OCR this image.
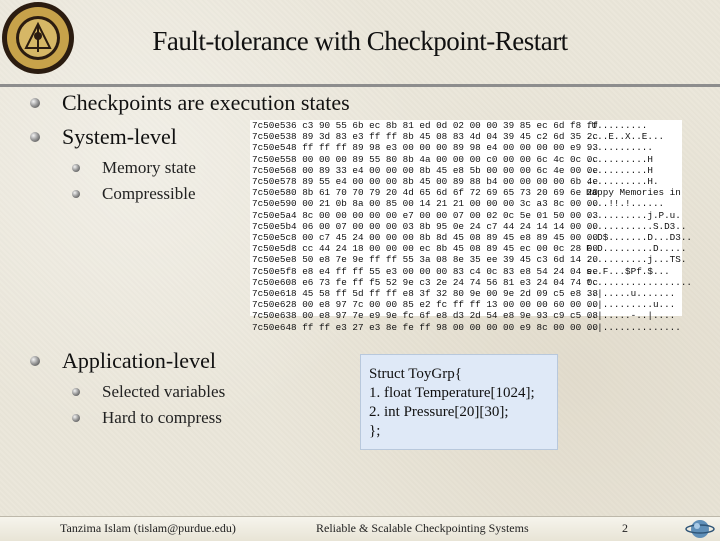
Fault-tolerance with Checkpoint-Restart
Checkpoints are execution states
System-level
Memory state
Compressible
7c50e536 c3 90 55 6b ec 8b 81 ed 0d 02 00 00 39 85 ec 6d f8 ff
7c50e538 89 3d 83 e3 ff ff 8b 45 08 83 4d 04 39 45 c2 6d 35 2c
7c50e548 ff ff ff 89 98 e3 00 00 00 89 98 e4 00 00 00 00 e9 93
7c50e558 00 00 00 89 55 80 8b 4a 00 00 00 c0 00 00 6c 4c 0c 0c
7c50e568 00 89 33 e4 00 00 00 8b 45 e8 5b 00 00 00 6c 4e 00 0e
7c50e578 89 55 e4 00 00 00 8b 45 00 89 88 b4 00 00 00 00 6b 4e
7c50e580 8b 61 70 70 79 20 4d 65 6d 6f 72 69 65 73 20 69 6e 20
7c50e590 00 21 0b 8a 00 85 00 14 21 21 00 00 00 3c a3 8c 00 00
7c50e5a4 8c 00 00 00 00 00 e7 00 00 07 00 02 0c 5e 01 50 00 03
7c50e5b4 06 00 07 00 00 00 03 8b 95 0e 24 c7 44 24 14 14 00 00
7c50e5c8 00 c7 45 24 00 00 00 8b 8d 45 08 89 45 e8 89 45 00 00
7c50e5d8 cc 44 24 18 00 00 00 ec 8b 45 08 89 45 ec 00 0c 28 00
7c50e5e8 50 e8 7e 9e ff ff 55 3a 08 8e 35 ee 39 45 c3 6d 14 20
7c50e5f8 e8 e4 ff ff 55 e3 00 00 00 83 c4 0c 83 e8 54 24 04 ee
7c50e608 e6 73 fe ff f5 52 9e c3 2e 24 74 56 81 e3 24 04 74 0c
7c50e618 45 58 ff 5d ff ff e8 3f 32 80 9e 00 9e 2d 09 c5 e8 38
7c50e628 00 e8 97 7c 00 00 85 e2 fc ff ff 13 00 00 00 60 00 00
7c50e638 00 e8 97 7e e9 9e fc 6f e8 d3 2d 54 e8 9e 93 c9 c5 08
7c50e648 ff ff e3 27 e3 8e fe ff 98 00 00 00 00 e9 8c 00 00 00
.U.........
....E..X..E...
............
...........H
...........H
...........H.
Happy Memories in
....!!.!......
...........j.P.u.
............S.D3..
..D$.......D...D3..
F.D.........D.....
...........j...TS.
s..F...$Pf.$...
t..................
..|.....u.......
..|.........u...
..|.....-..|....
..|..............
Application-level
Selected variables
Hard to compress
Struct ToyGrp{
1. float Temperature[1024];
2. int Pressure[20][30];
};
Tanzima Islam (tislam@purdue.edu)	Reliable & Scalable Checkpointing Systems	2
